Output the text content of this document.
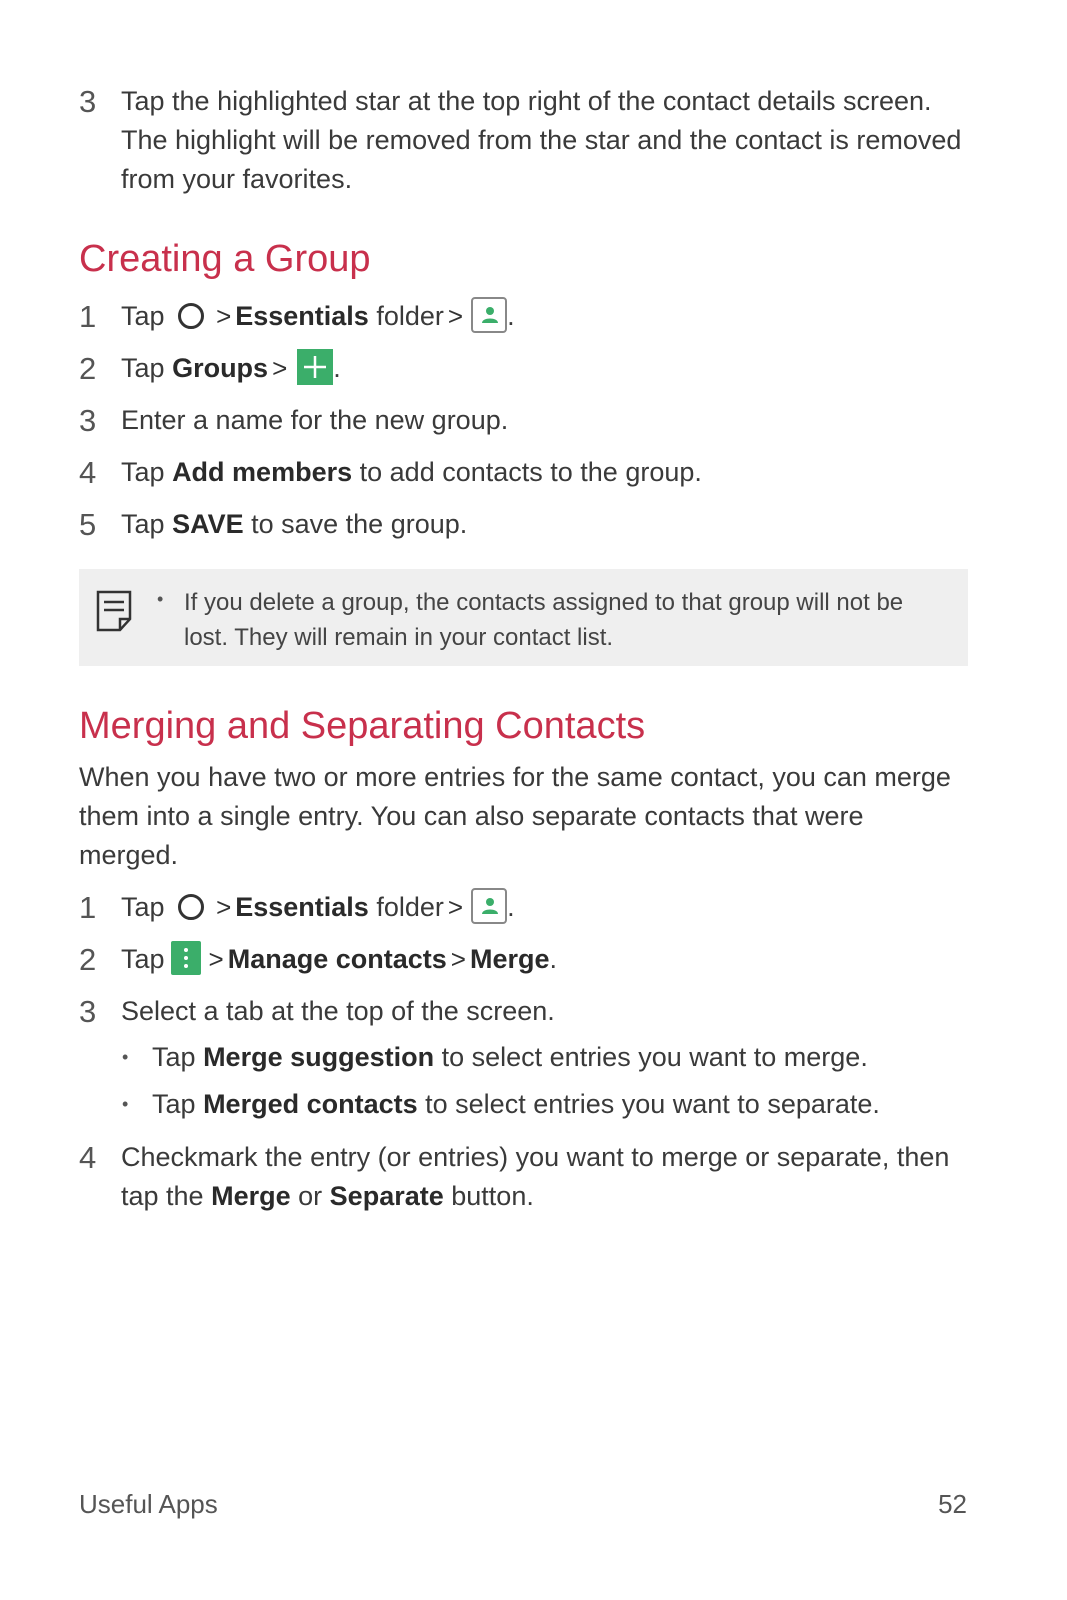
3 Tap the highlighted star at the top right of the contact details screen. The highlight will be removed from the star and the contact is removed from your favorites.
Creating a Group
1 Tap > Essentials folder > .
2 Tap Groups > .
3 Enter a name for the new group.
4 Tap Add members to add contacts to the group.
5 Tap SAVE to save the group.
• If you delete a group, the contacts assigned to that group will not be lost. They will remain in your contact list.
Merging and Separating Contacts
When you have two or more entries for the same contact, you can merge them into a single entry. You can also separate contacts that were merged.
1 Tap > Essentials folder > .
2 Tap > Manage contacts > Merge.
3 Select a tab at the top of the screen.
• Tap Merge suggestion to select entries you want to merge.
• Tap Merged contacts to select entries you want to separate.
4 Checkmark the entry (or entries) you want to merge or separate, then tap the Merge or Separate button.
Useful Apps	52
